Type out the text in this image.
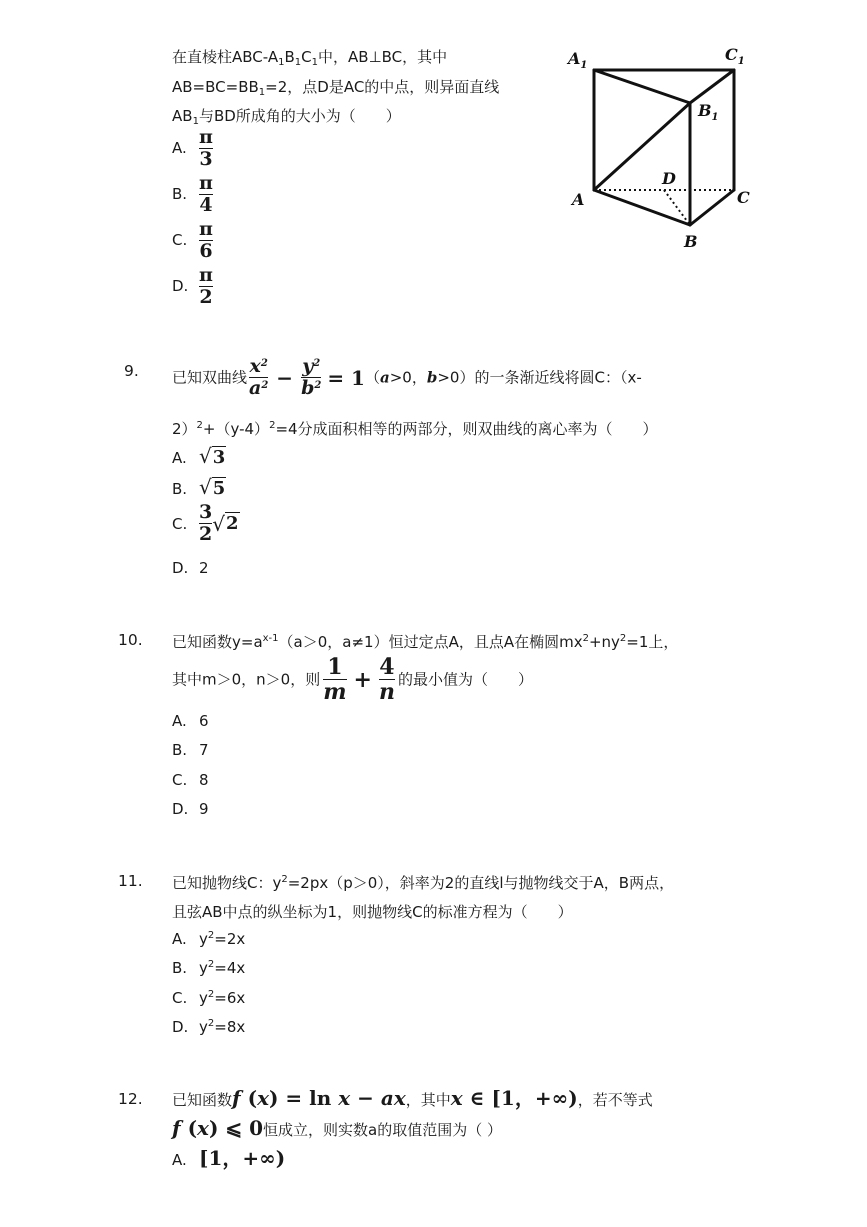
在直棱柱ABC-$A_1B_1C_1$中，AB⊥BC，其中
$AB=BC=BB_1=2$，点D是AC的中点，则异面直线
$AB_1$与BD所成角的大小为（　　）
A. $\frac{\pi}{3}$
B. $\frac{\pi}{4}$
C. $\frac{\pi}{6}$
D. $\frac{\pi}{2}$
$A_1$
$C_1$
$B_1$
D
A	C
B
9. 已知双曲线 $\frac{x^2}{a^2} - \frac{y^2}{b^2} = 1(a>0$，b>0）的一条渐近线将圆C：（x-
$2)^2+(y-4)^2=4$分成面积相等的两部分，则双曲线的离心率为（　　）
A. √3
B. √5
C. $\frac{3}{2} √2$
D. 2
10. 已知函数$y=a^{x-1}(a>0$，a≠1）恒过定点A，且点A在椭圆$mx^2+ny^2=1$上，
其中m＞0，n＞0，则 $\frac{1}{m} + \frac{4}{n}$ 的最小值为（　　）
A. 6
B. 7
C. 8
D. 9
11. 已知抛物线C：$y^2=2px(p>0)$，斜率为2的直线l与抛物线交于A，B两点，
且弦AB中点的纵坐标为1，则抛物线C的标准方程为（　　）
A. $y^2=2x$
B. $y^2=4x$
C. $y^2=6x$
D. $y^2=8x$
12. 已知函数f (x) = ln x − ax，其中x ∈ [1，+∞)，若不等式
f (x) ⩽ 0恒成立，则实数a的取值范围为（ ）
A. [1，+∞)
